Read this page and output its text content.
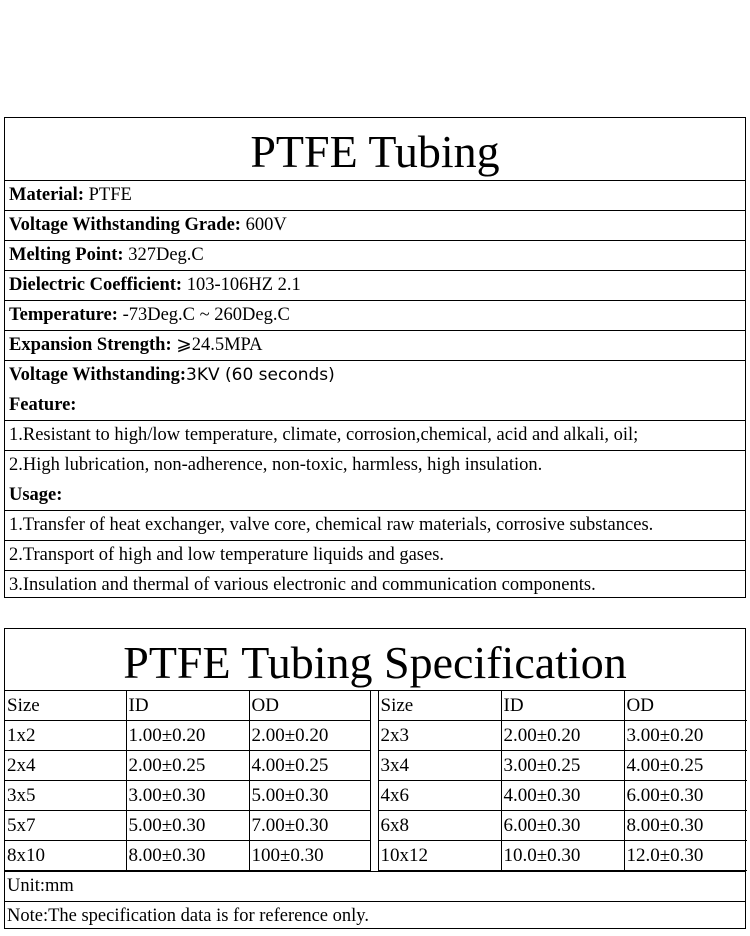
PTFE Tubing
Material: PTFE
Voltage Withstanding Grade: 600V
Melting Point: 327Deg.C
Dielectric Coefficient: 103-106HZ 2.1
Temperature: -73Deg.C ~ 260Deg.C
Expansion Strength: ⩾24.5MPA
Voltage Withstanding:3KV (60 seconds)
Feature:
1.Resistant to high/low temperature, climate, corrosion,chemical, acid and alkali, oil;
2.High lubrication, non-adherence, non-toxic, harmless, high insulation.
Usage:
1.Transfer of heat exchanger, valve core, chemical raw materials, corrosive substances.
2.Transport of high and low temperature liquids and gases.
3.Insulation and thermal of various electronic and communication components.
PTFE Tubing Specification
Size	ID	OD		Size	ID	OD
1x2	1.00±0.20	2.00±0.20		2x3	2.00±0.20	3.00±0.20
2x4	2.00±0.25	4.00±0.25		3x4	3.00±0.25	4.00±0.25
3x5	3.00±0.30	5.00±0.30		4x6	4.00±0.30	6.00±0.30
5x7	5.00±0.30	7.00±0.30		6x8	6.00±0.30	8.00±0.30
8x10	8.00±0.30	100±0.30		10x12	10.0±0.30	12.0±0.30
Unit:mm
Note:The specification data is for reference only.
